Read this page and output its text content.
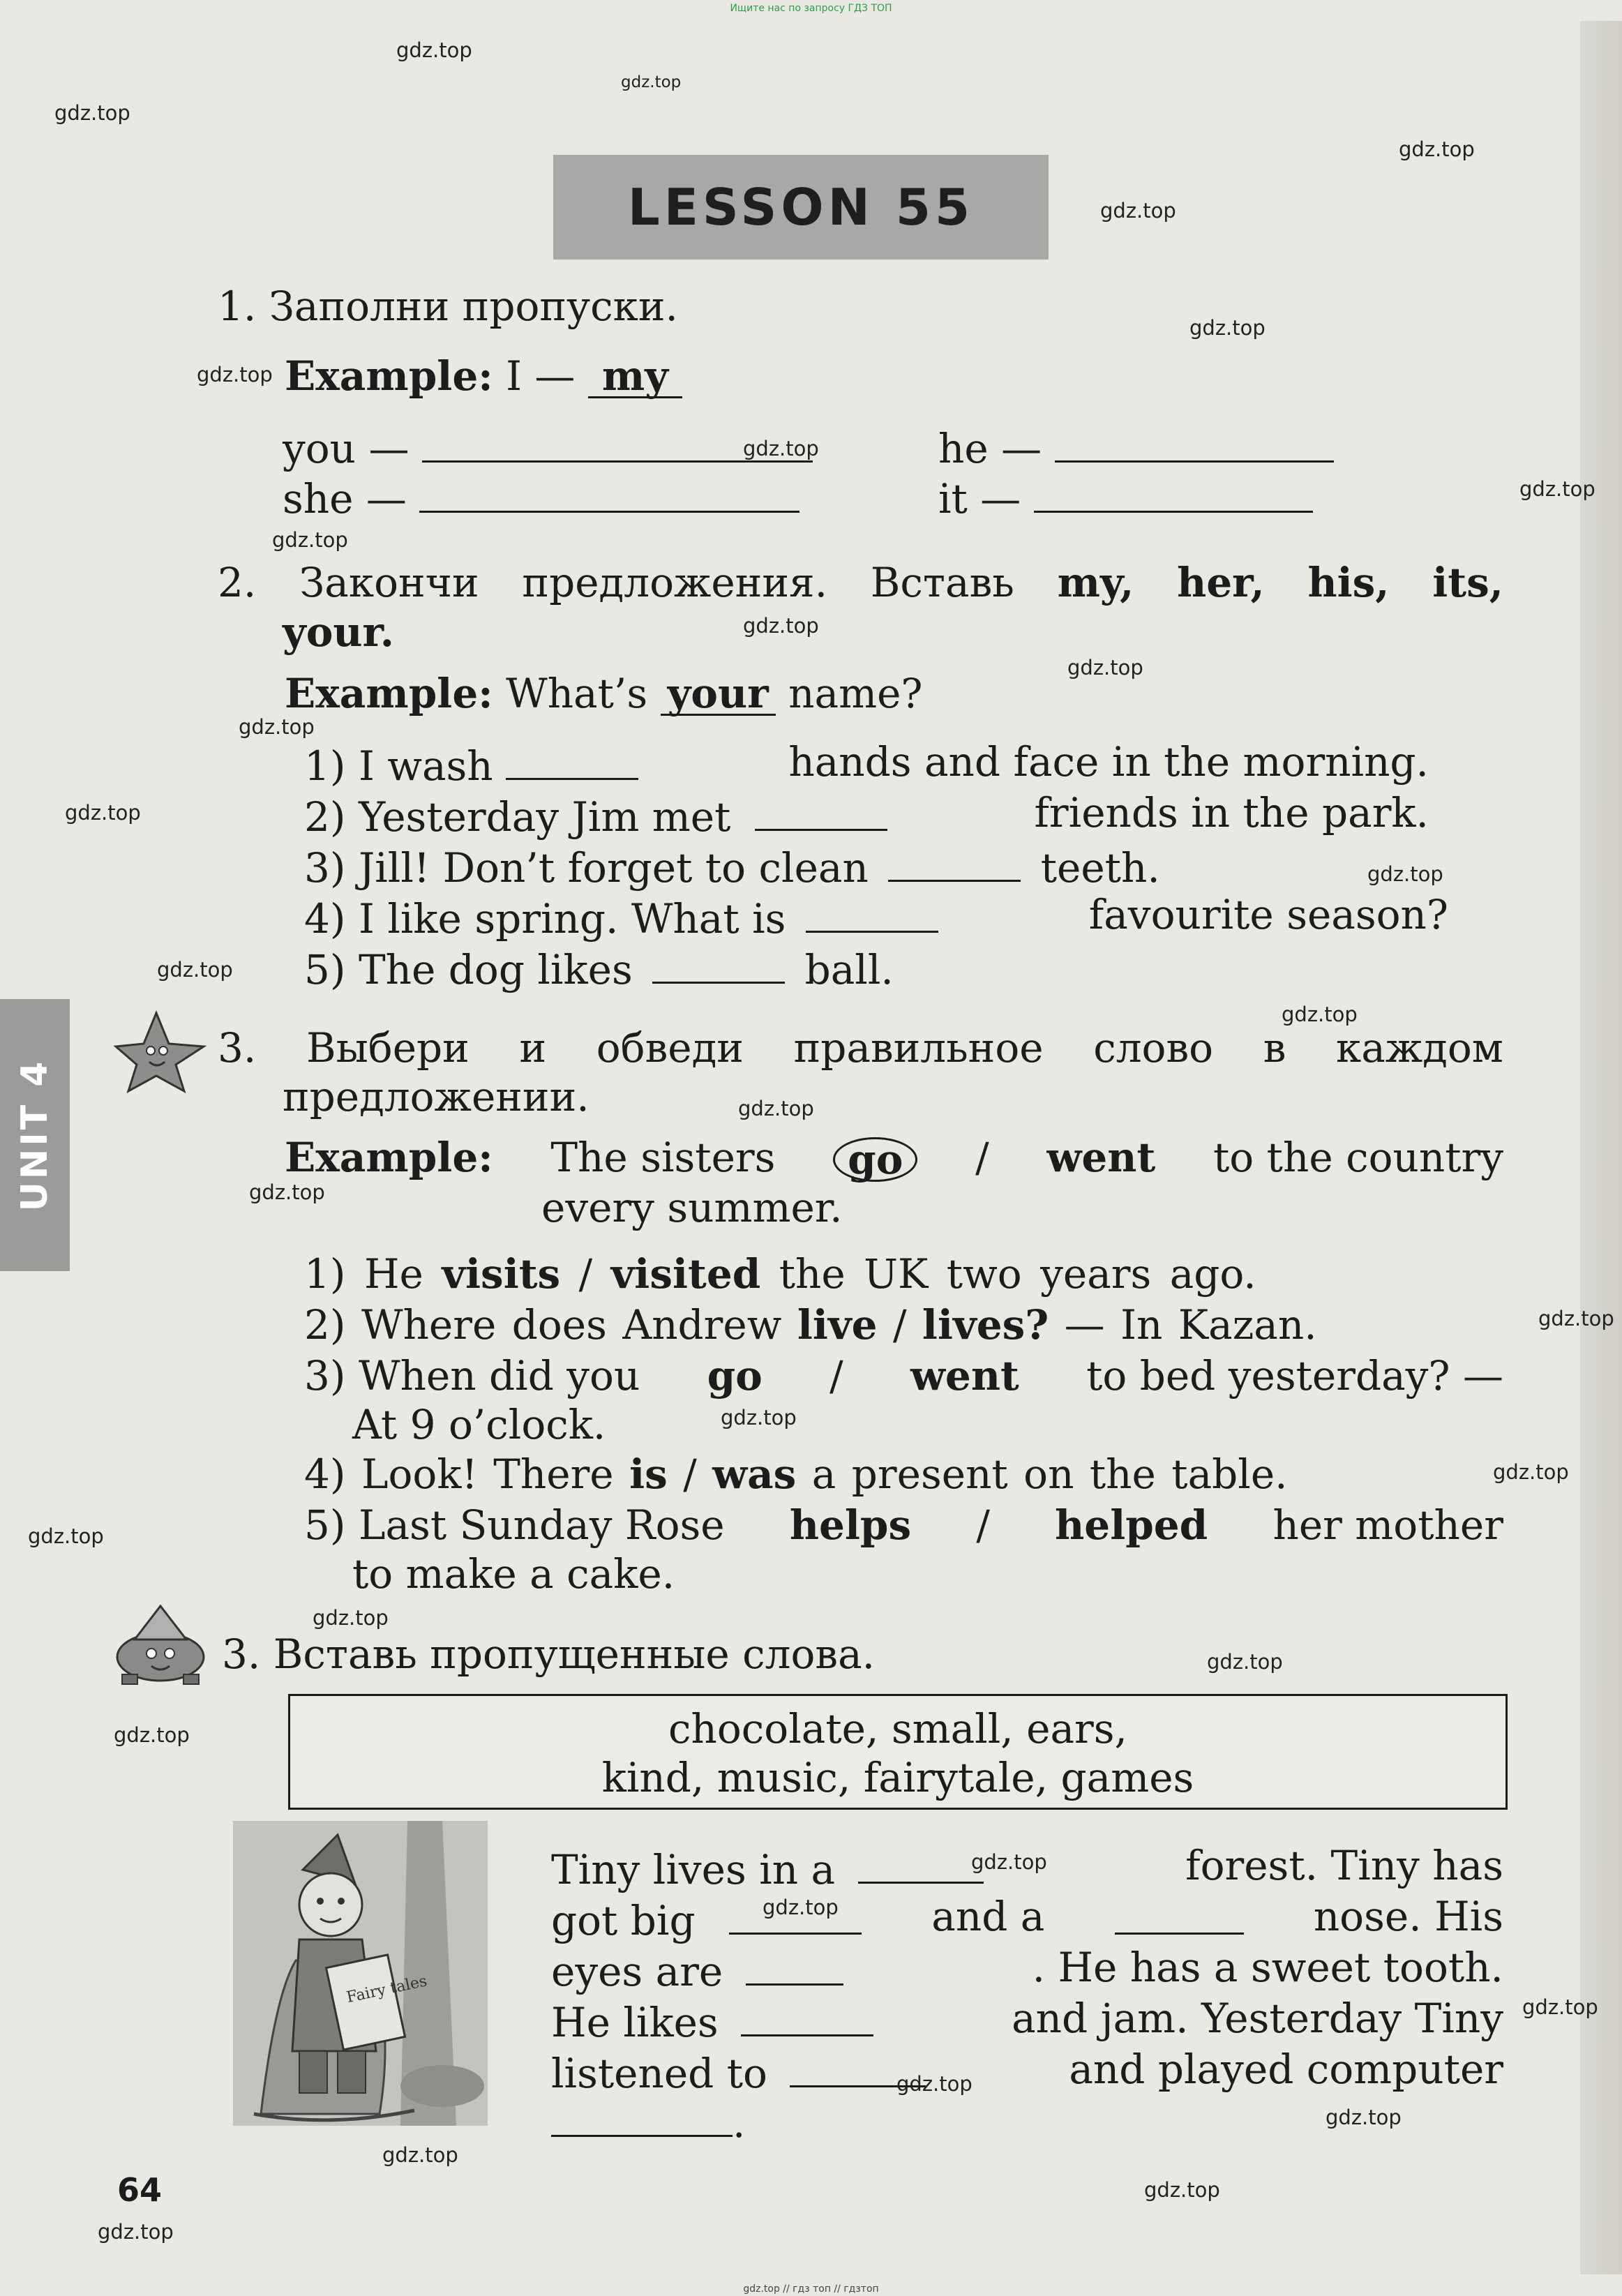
Ищите нас по запросу ГДЗ ТОП
gdz.top
gdz.top
gdz.top
gdz.top
gdz.top
gdz.top
gdz.top
gdz.top
gdz.top
gdz.top
gdz.top
gdz.top
gdz.top
gdz.top
gdz.top
gdz.top
gdz.top
gdz.top
gdz.top
gdz.top
gdz.top
gdz.top
gdz.top
gdz.top
gdz.top
gdz.top
gdz.top
gdz.top
gdz.top
gdz.top
gdz.top
gdz.top
gdz.top
gdz.top
LESSON 55
UNIT 4
1. Заполни пропуски.
Example: I — my
you —	he —
she —	it —
2. Закончи предложения. Вставь my, her, his, its,
your.
Example: What’s your name?
1) I wash	hands and face in the morning.
2) Yesterday Jim met	friends in the park.
3) Jill! Don’t forget to clean	teeth.
4) I like spring. What is	favourite season?
5) The dog likes	ball.
3. Выбери и обведи правильное слово в каждом
предложении.
Example: The sisters	go	/ went to the country
every summer.
1) He visits / visited the UK two years ago.
2) Where does Andrew live / lives? — In Kazan.
3) When did you go / went to bed yesterday? —
At 9 o’clock.
4) Look! There is / was a present on the table.
5) Last Sunday Rose helps / helped her mother
to make a cake.
3. Вставь пропущенные слова.
chocolate, small, ears,
kind, music, fairytale, games
Fairy tales
Tiny lives in a	forest. Tiny has
got big	and a	nose. His
eyes are	. He has a sweet tooth.
He likes	and jam. Yesterday Tiny
listened to	and played computer
.
64
gdz.top // гдз топ // гдзтоп
